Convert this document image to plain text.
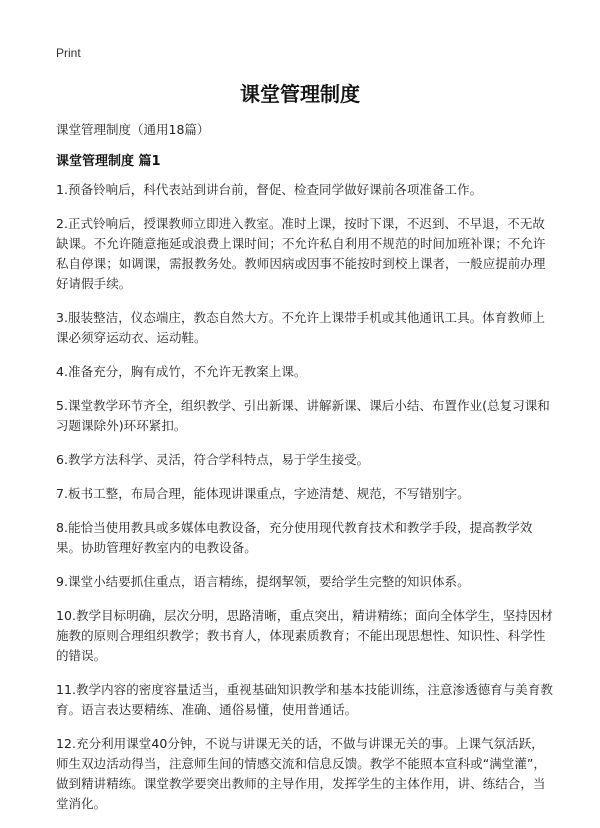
Print
课堂管理制度

课堂管理制度（通用18篇）

课堂管理制度 篇1

1.预备铃响后，科代表站到讲台前，督促、检查同学做好课前各项准备工作。

2.正式铃响后，授课教师立即进入教室。准时上课，按时下课，不迟到、不早退，不无故缺课。不允许随意拖延或浪费上课时间；不允许私自利用不规范的时间加班补课；不允许私自停课；如调课，需报教务处。教师因病或因事不能按时到校上课者，一般应提前办理好请假手续。

3.服装整洁，仪态端庄，教态自然大方。不允许上课带手机或其他通讯工具。体育教师上课必须穿运动衣、运动鞋。

4.准备充分，胸有成竹，不允许无教案上课。

5.课堂教学环节齐全，组织教学、引出新课、讲解新课、课后小结、布置作业(总复习课和习题课除外)环环紧扣。

6.教学方法科学、灵活，符合学科特点，易于学生接受。

7.板书工整，布局合理，能体现讲课重点，字迹清楚、规范，不写错别字。

8.能恰当使用教具或多媒体电教设备，充分使用现代教育技术和教学手段，提高教学效果。协助管理好教室内的电教设备。

9.课堂小结要抓住重点，语言精练，提纲挈领，要给学生完整的知识体系。

10.教学目标明确，层次分明，思路清晰，重点突出，精讲精练；面向全体学生，坚持因材施教的原则合理组织教学；教书育人，体现素质教育；不能出现思想性、知识性、科学性的错误。

11.教学内容的密度容量适当，重视基础知识教学和基本技能训练，注意渗透德育与美育教育。语言表达要精练、准确、通俗易懂，使用普通话。

12.充分利用课堂40分钟，不说与讲课无关的话，不做与讲课无关的事。上课气氛活跃，师生双边活动得当，注意师生间的情感交流和信息反馈。教学不能照本宣科或“满堂灌”，做到精讲精练。课堂教学要突出教师的主导作用，发挥学生的主体作用，讲、练结合，当堂消化。
